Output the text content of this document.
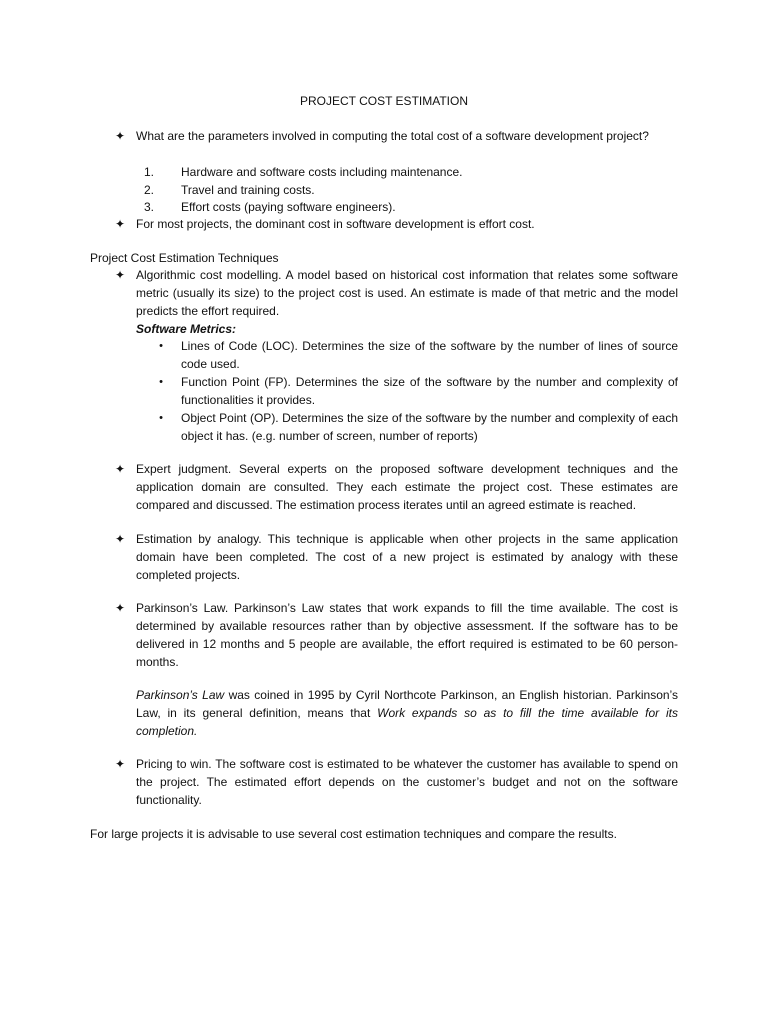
PROJECT COST ESTIMATION
✦ What are the parameters involved in computing the total cost of a software development project?
1. Hardware and software costs including maintenance.
2. Travel and training costs.
3. Effort costs (paying software engineers).
✦ For most projects, the dominant cost in software development is effort cost.
Project Cost Estimation Techniques
✦ Algorithmic cost modelling. A model based on historical cost information that relates some software metric (usually its size) to the project cost is used. An estimate is made of that metric and the model predicts the effort required.
Software Metrics:
• Lines of Code (LOC). Determines the size of the software by the number of lines of source code used.
• Function Point (FP). Determines the size of the software by the number and complexity of functionalities it provides.
• Object Point (OP). Determines the size of the software by the number and complexity of each object it has. (e.g. number of screen, number of reports)
✦ Expert judgment. Several experts on the proposed software development techniques and the application domain are consulted. They each estimate the project cost. These estimates are compared and discussed. The estimation process iterates until an agreed estimate is reached.
✦ Estimation by analogy. This technique is applicable when other projects in the same application domain have been completed. The cost of a new project is estimated by analogy with these completed projects.
✦ Parkinson’s Law. Parkinson’s Law states that work expands to fill the time available. The cost is determined by available resources rather than by objective assessment. If the software has to be delivered in 12 months and 5 people are available, the effort required is estimated to be 60 person-months.
Parkinson’s Law was coined in 1995 by Cyril Northcote Parkinson, an English historian. Parkinson’s Law, in its general definition, means that Work expands so as to fill the time available for its completion.
✦ Pricing to win. The software cost is estimated to be whatever the customer has available to spend on the project. The estimated effort depends on the customer’s budget and not on the software functionality.
For large projects it is advisable to use several cost estimation techniques and compare the results.
